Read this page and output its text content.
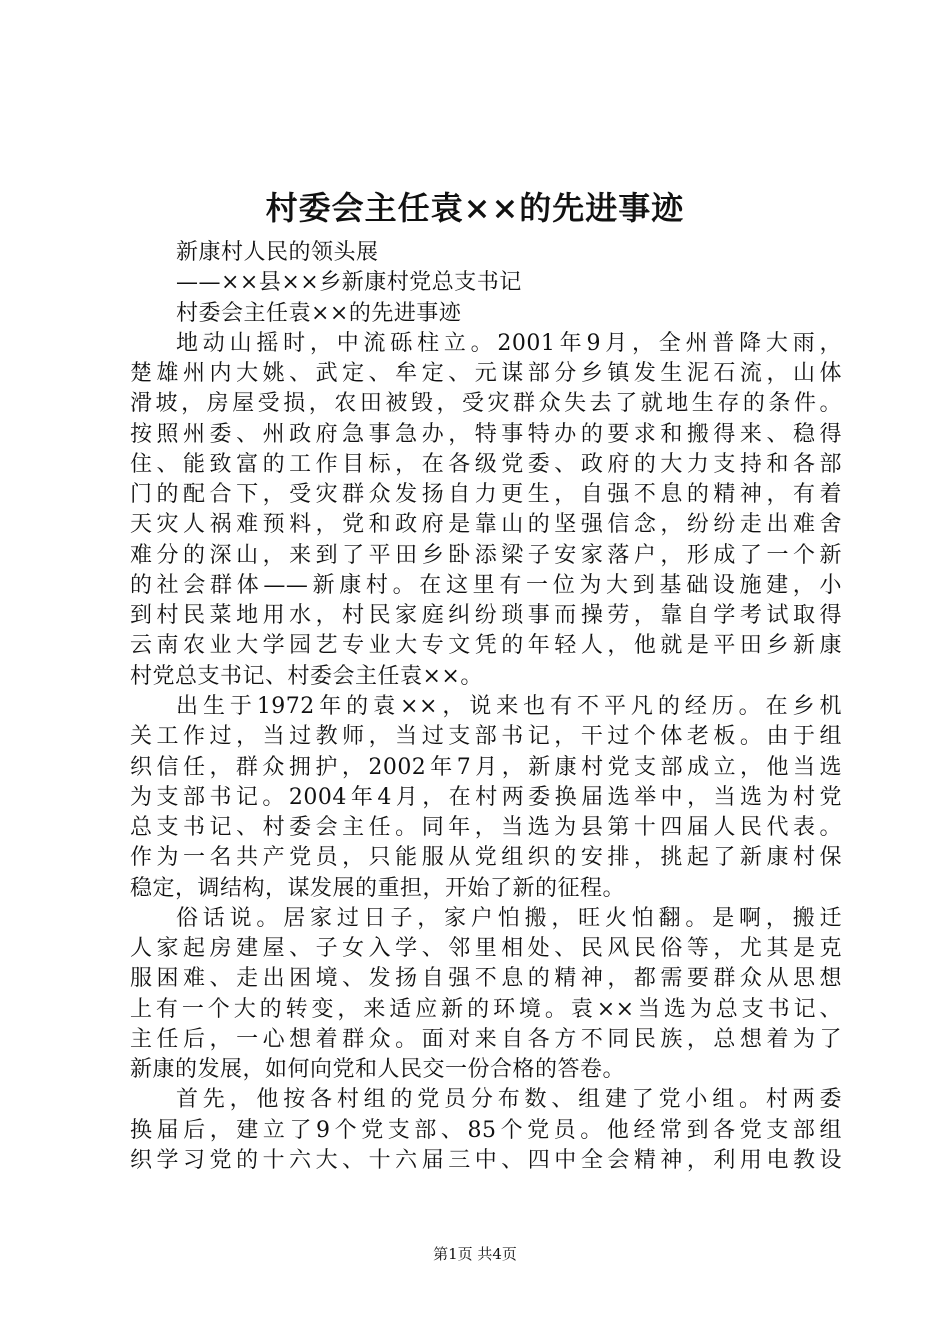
村委会主任袁××的先进事迹
新康村人民的领头展
——××县××乡新康村党总支书记
村委会主任袁××的先进事迹
地动山摇时，中流砾柱立。2001年9月，全州普降大雨，
楚雄州内大姚、武定、牟定、元谋部分乡镇发生泥石流，山体
滑坡，房屋受损，农田被毁，受灾群众失去了就地生存的条件。
按照州委、州政府急事急办，特事特办的要求和搬得来、稳得
住、能致富的工作目标，在各级党委、政府的大力支持和各部
门的配合下，受灾群众发扬自力更生，自强不息的精神，有着
天灾人祸难预料，党和政府是靠山的坚强信念，纷纷走出难舍
难分的深山，来到了平田乡卧添梁子安家落户，形成了一个新
的社会群体——新康村。在这里有一位为大到基础设施建，小
到村民菜地用水，村民家庭纠纷琐事而操劳，靠自学考试取得
云南农业大学园艺专业大专文凭的年轻人，他就是平田乡新康
村党总支书记、村委会主任袁××。
出生于1972年的袁××，说来也有不平凡的经历。在乡机
关工作过，当过教师，当过支部书记，干过个体老板。由于组
织信任，群众拥护，2002年7月，新康村党支部成立，他当选
为支部书记。2004年4月，在村两委换届选举中，当选为村党
总支书记、村委会主任。同年，当选为县第十四届人民代表。
作为一名共产党员，只能服从党组织的安排，挑起了新康村保
稳定，调结构，谋发展的重担，开始了新的征程。
俗话说。居家过日子，家户怕搬，旺火怕翻。是啊，搬迁
人家起房建屋、子女入学、邻里相处、民风民俗等，尤其是克
服困难、走出困境、发扬自强不息的精神，都需要群众从思想
上有一个大的转变，来适应新的环境。袁××当选为总支书记、
主任后，一心想着群众。面对来自各方不同民族，总想着为了
新康的发展，如何向党和人民交一份合格的答卷。
首先，他按各村组的党员分布数、组建了党小组。村两委
换届后，建立了9个党支部、85个党员。他经常到各党支部组
织学习党的十六大、十六届三中、四中全会精神，利用电教设
第1页 共4页
